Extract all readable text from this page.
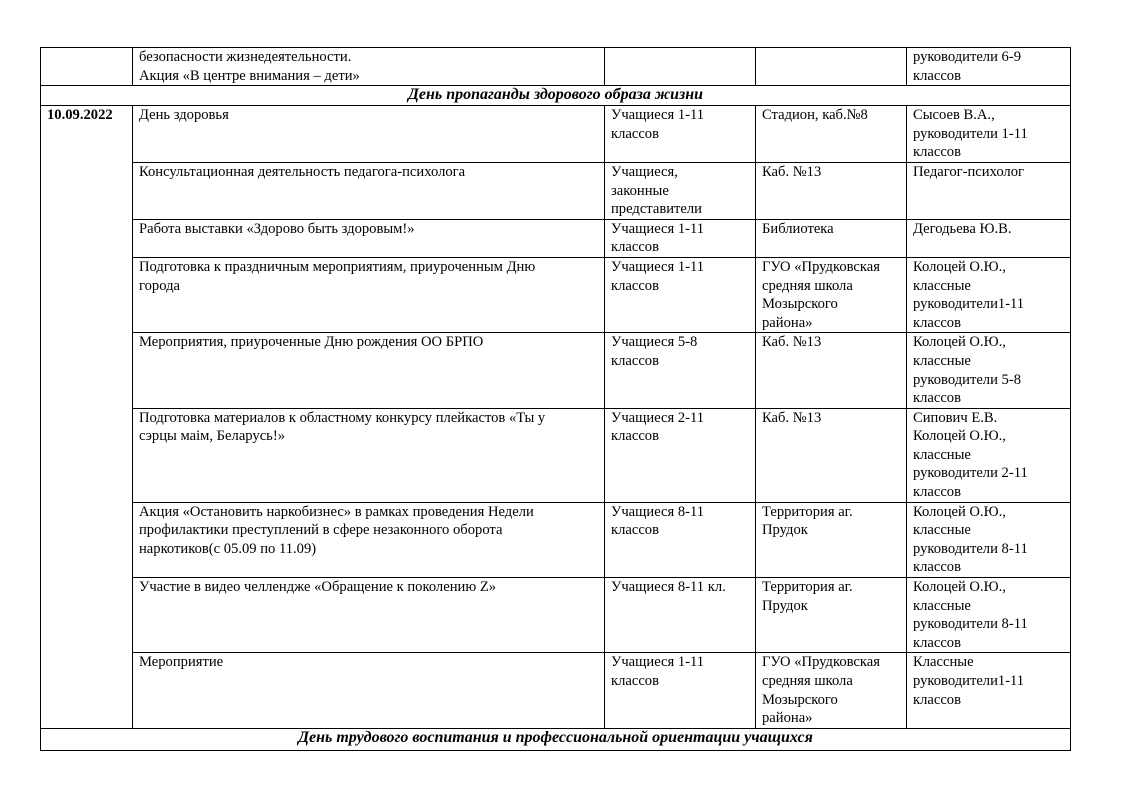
	безопасности жизнедеятельности.
Акция «В центре внимания – дети»			руководители 6-9
классов
День пропаганды здорового образа жизни				
10.09.2022	День здоровья	Учащиеся 1-11
классов	Стадион, каб.№8	Сысоев В.А.,
руководители 1-11
классов
	Консультационная деятельность педагога-психолога	Учащиеся,
законные
представители	Каб. №13	Педагог-психолог
	Работа выставки «Здорово быть здоровым!»	Учащиеся 1-11
классов	Библиотека	Дегодьева Ю.В.
	Подготовка к праздничным мероприятиям, приуроченным Дню
города	Учащиеся 1-11
классов	ГУО «Прудковская
средняя школа
Мозырского
района»	Колоцей О.Ю.,
классные
руководители1-11
классов
	Мероприятия, приуроченные Дню рождения ОО БРПО	Учащиеся 5-8
классов	Каб. №13	Колоцей О.Ю.,
классные
руководители 5-8
классов
	Подготовка материалов к областному конкурсу плейкастов «Ты у
сэрцы маім, Беларусь!»	Учащиеся 2-11
классов	Каб. №13	Сипович Е.В.
Колоцей О.Ю.,
классные
руководители 2-11
классов
	Акция «Остановить наркобизнес» в рамках проведения Недели
профилактики преступлений в сфере незаконного оборота
наркотиков(с 05.09 по 11.09)	Учащиеся 8-11
классов	Территория аг.
Прудок	Колоцей О.Ю.,
классные
руководители 8-11
классов
	Участие в видео челлендже «Обращение к поколению Z»	Учащиеся 8-11 кл.	Территория аг.
Прудок	Колоцей О.Ю.,
классные
руководители 8-11
классов
	Мероприятие	Учащиеся 1-11
классов	ГУО «Прудковская
средняя школа
Мозырского
района»	Классные
руководители1-11
классов
День трудового воспитания и профессиональной ориентации учащихся				
